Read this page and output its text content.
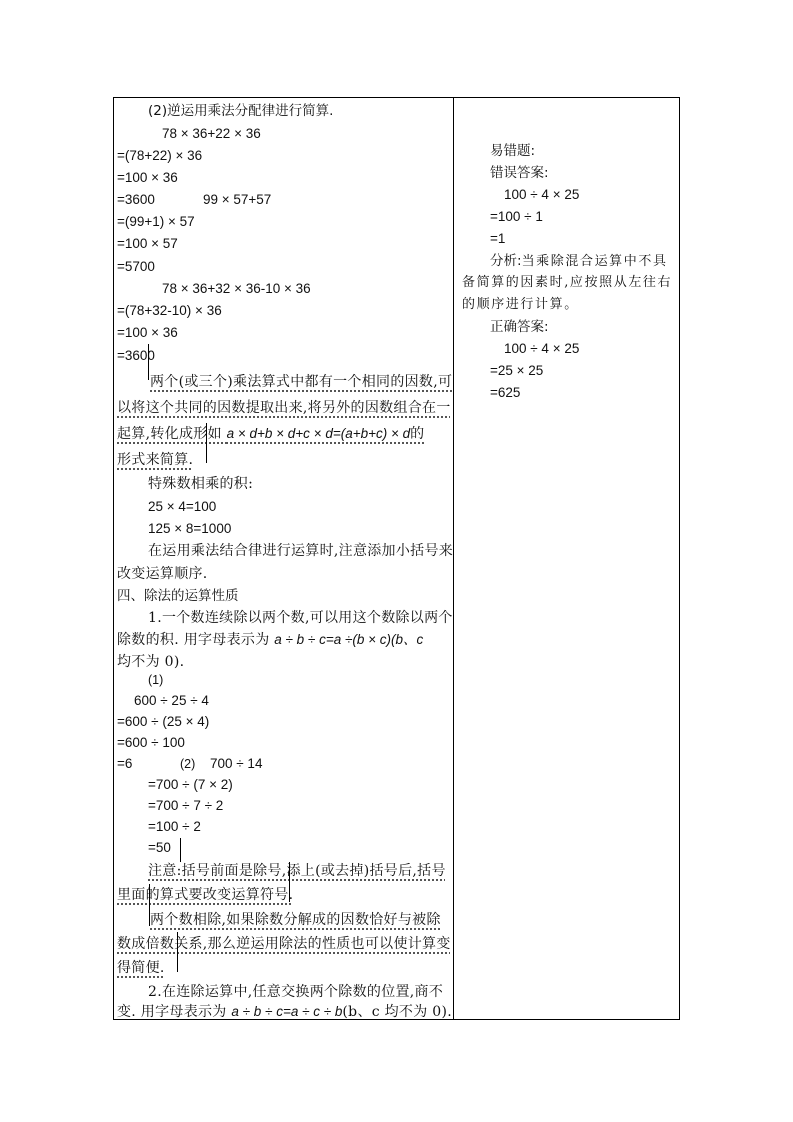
(2)逆运用乘法分配律进行简算.
78 × 36+22 × 36
=(78+22) × 36
=100 × 36
=3600	99 × 57+57
=(99+1) × 57
=100 × 57
=5700
78 × 36+32 × 36-10 × 36
=(78+32-10) × 36
=100 × 36
=3600
两个(或三个)乘法算式中都有一个相同的因数,可
以将这个共同的因数提取出来,将另外的因数组合在一
起算,转化成形如 a × d+b × d+c × d=(a+b+c) × d的
形式来简算.
特殊数相乘的积:
25 × 4=100
125 × 8=1000
在运用乘法结合律进行运算时,注意添加小括号来
改变运算顺序.
四、除法的运算性质
1.一个数连续除以两个数,可以用这个数除以两个
除数的积. 用字母表示为 a ÷ b ÷ c=a ÷(b × c)(b、c
均不为 0).
(1)
600 ÷ 25 ÷ 4
=600 ÷ (25 × 4)
=600 ÷ 100
=6	(2) 700 ÷ 14
=700 ÷ (7 × 2)
=700 ÷ 7 ÷ 2
=100 ÷ 2
=50
注意:括号前面是除号,添上(或去掉)括号后,括号
里面的算式要改变运算符号.
两个数相除,如果除数分解成的因数恰好与被除
数成倍数关系,那么逆运用除法的性质也可以使计算变
得简便.
2.在连除运算中,任意交换两个除数的位置,商不
变. 用字母表示为 a ÷ b ÷ c=a ÷ c ÷ b(b、c 均不为 0).
易错题:
错误答案:
100 ÷ 4 × 25
=100 ÷ 1
=1
分析:当乘除混合运算中不具
备简算的因素时,应按照从左往右
的顺序进行计算。
正确答案:
100 ÷ 4 × 25
=25 × 25
=625
